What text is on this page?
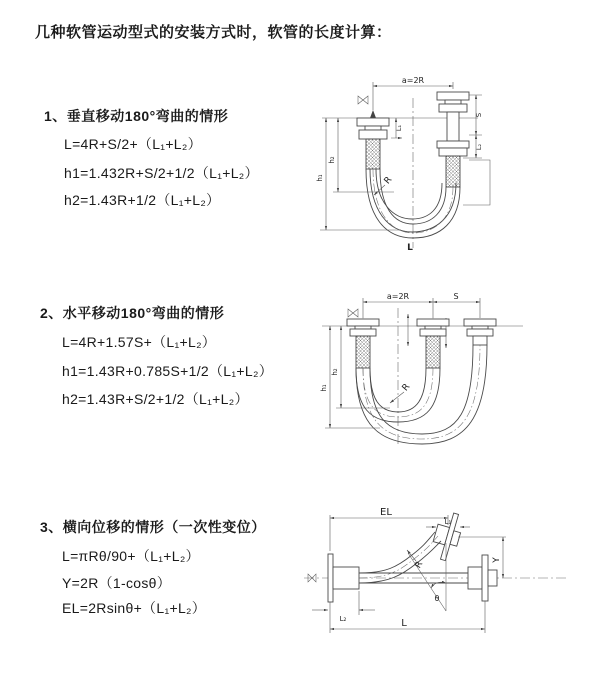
几种软管运动型式的安装方式时，软管的长度计算：
1、垂直移动180°弯曲的情形
L=4R+S/2+（L₁+L₂）
h1=1.432R+S/2+1/2（L₁+L₂）
h2=1.43R+1/2（L₁+L₂）
2、水平移动180°弯曲的情形
L=4R+1.57S+（L₁+L₂）
h1=1.43R+0.785S+1/2（L₁+L₂）
h2=1.43R+S/2+1/2（L₁+L₂）
3、横向位移的情形（一次性变位）
L=πRθ/90+（L₁+L₂）
Y=2R（1-cosθ）
EL=2Rsinθ+（L₁+L₂）
a=2R
h₁
h₂
L₁
S
L₂
R
L
a=2R	S
h₁
h₂
R
EL
L₁
Y
θ
R
L
L₂
